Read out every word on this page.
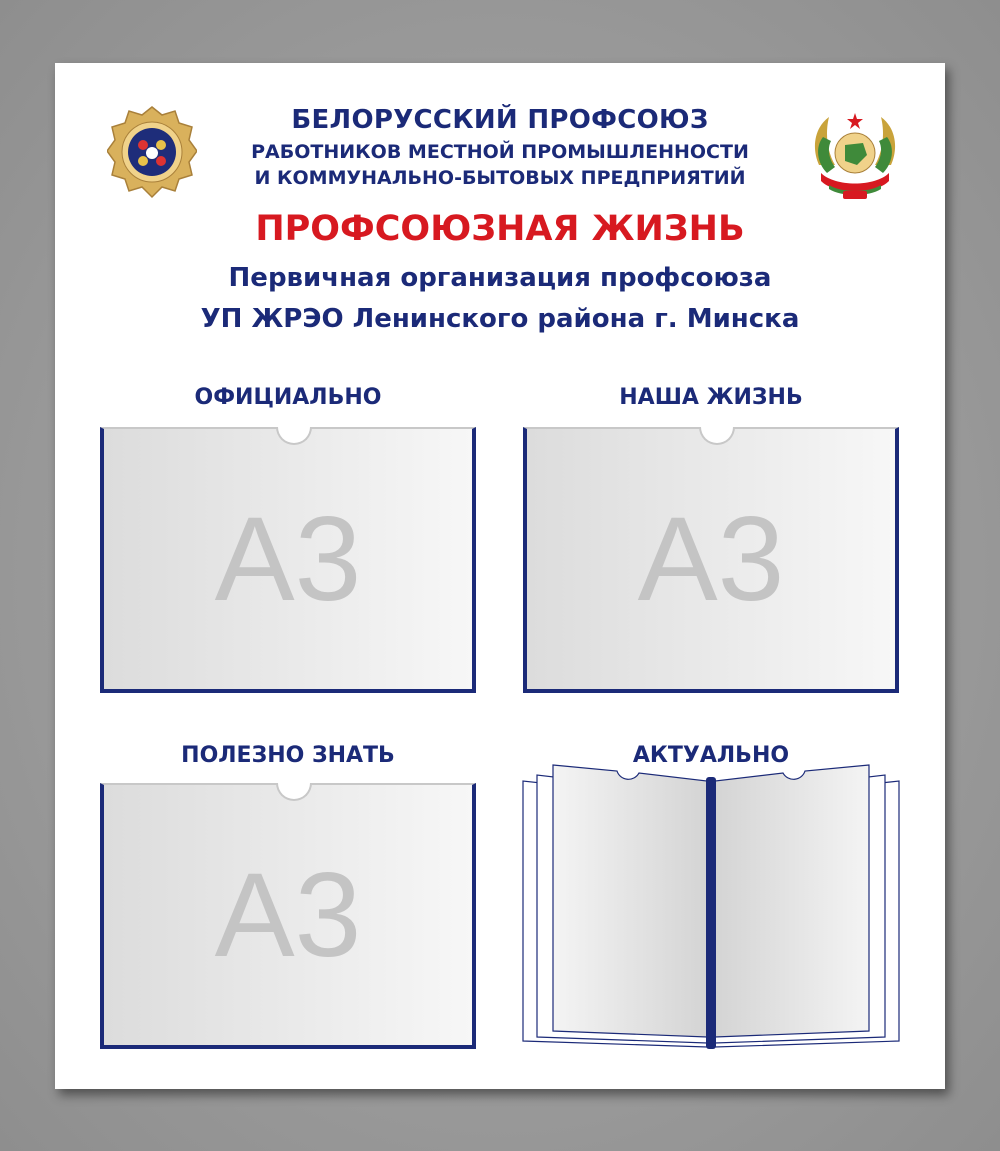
БЕЛОРУССКИЙ ПРОФСОЮЗ
РАБОТНИКОВ МЕСТНОЙ ПРОМЫШЛЕННОСТИ
И КОММУНАЛЬНО-БЫТОВЫХ ПРЕДПРИЯТИЙ
ПРОФСОЮЗНАЯ ЖИЗНЬ
Первичная организация профсоюза
УП ЖРЭО Ленинского района г. Минска
ОФИЦИАЛЬНО
А3
НАША ЖИЗНЬ
А3
ПОЛЕЗНО ЗНАТЬ
А3
АКТУАЛЬНО
